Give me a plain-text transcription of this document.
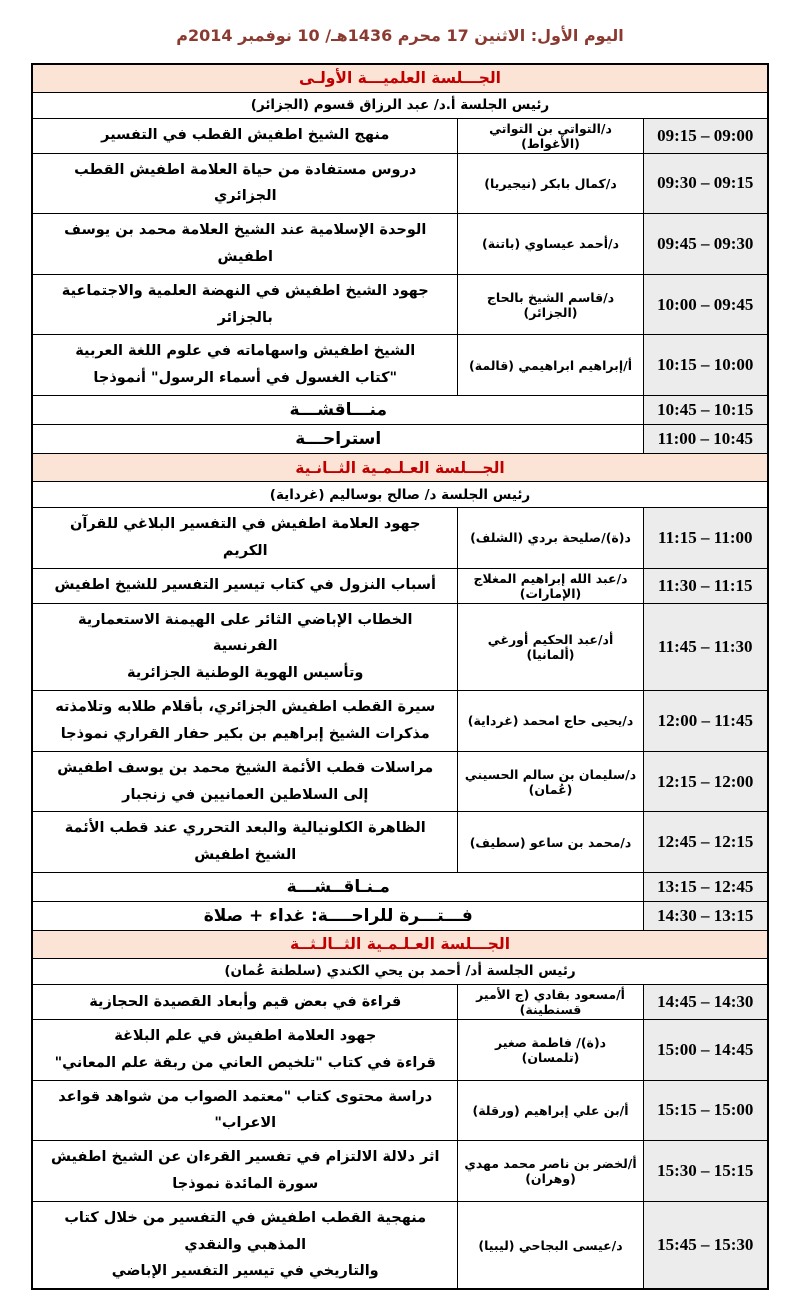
اليوم الأول: الاثنين 17 محرم 1436هـ/ 10 نوفمبر 2014م
الجـــلسة العلميـــة الأولـى		
رئيس الجلسة أ.د/ عبد الرزاق قسوم (الجزائر)		
09:15 – 09:00	د/التواتي بن التواتي (الأغواط)	منهج الشيخ اطفيش القطب في التفسير
09:30 – 09:15	د/كمال بابكر (نيجيريا)	دروس مستفادة من حياة العلامة اطفيش القطب الجزائري
09:45 – 09:30	د/أحمد عيساوي (باتنة)	الوحدة الإسلامية عند الشيخ العلامة محمد بن يوسف اطفيش
10:00 – 09:45	د/قاسم الشيخ بالحاج (الجزائر)	جهود الشيخ اطفيش في النهضة العلمية والاجتماعية بالجزائر
10:15 – 10:00	أ/إبراهيم ابراهيمي (قالمة)	الشيخ اطفيش واسهاماته في علوم اللغة العربية
"كتاب الغسول في أسماء الرسول" أنموذجا
10:45 – 10:15	منـــاقشـــة	
11:00 – 10:45	استراحـــة	
الجـــلسة العـلـمـية الثــانـية		
رئيس الجلسة د/ صالح بوساليم (غرداية)		
11:15 – 11:00	د(ة)/صليحة بردي (الشلف)	جهود العلامة اطفيش في التفسير البلاغي للقرآن الكريم
11:30 – 11:15	د/عبد الله إبراهيم المغلاج (الإمارات)	أسباب النزول في كتاب تيسير التفسير للشيخ اطفيش
11:45 – 11:30	أد/عبد الحكيم أورغي (ألمانيا)	الخطاب الإباضي الثائر على الهيمنة الاستعمارية الفرنسية
وتأسيس الهوية الوطنية الجزائرية
12:00 – 11:45	د/يحيى حاج امحمد (غرداية)	سيرة القطب اطفيش الجزائري، بأقلام طلابه وتلامذته
مذكرات الشيخ إبراهيم بن بكير حفار القراري نموذجا
12:15 – 12:00	د/سليمان بن سالم الحسيني (عُمان)	مراسلات قطب الأئمة الشيخ محمد بن يوسف اطفيش
إلى السلاطين العمانيين في زنجبار
12:45 – 12:15	د/محمد بن ساعو (سطيف)	الظاهرة الكلونيالية والبعد التحرري عند قطب الأئمة الشيخ اطفيش
13:15 – 12:45	مـنـاقــشـــة	
14:30 – 13:15	فـــتـــرة للراحــــة: غداء + صلاة	
الجـــلسة العـلـمـية الثــالـثــة		
رئيس الجلسة أد/ أحمد بن يحي الكندي (سلطنة عُمان)		
14:45 – 14:30	أ/مسعود بقادي (ج الأمير قسنطينة)	قراءة في بعض قيم وأبعاد القصيدة الحجازية
15:00 – 14:45	د(ة)/ فاطمة صغير (تلمسان)	جهود العلامة اطفيش في علم البلاغة
قراءة في كتاب "تلخيص العاني من ربقة علم المعاني"
15:15 – 15:00	أ/بن علي إبراهيم (ورقلة)	دراسة محتوى كتاب "معتمد الصواب من شواهد قواعد الاعراب"
15:30 – 15:15	أ/لخضر بن ناصر محمد مهدي (وهران)	اثر دلالة الالتزام في تفسير القرءان عن الشيخ اطفيش سورة المائدة نموذجا
15:45 – 15:30	د/عيسى البجاحي (ليبيا)	منهجية القطب اطفيش في التفسير من خلال كتاب المذهبي والنقدي
والتاريخي في تيسير التفسير الإباضي
